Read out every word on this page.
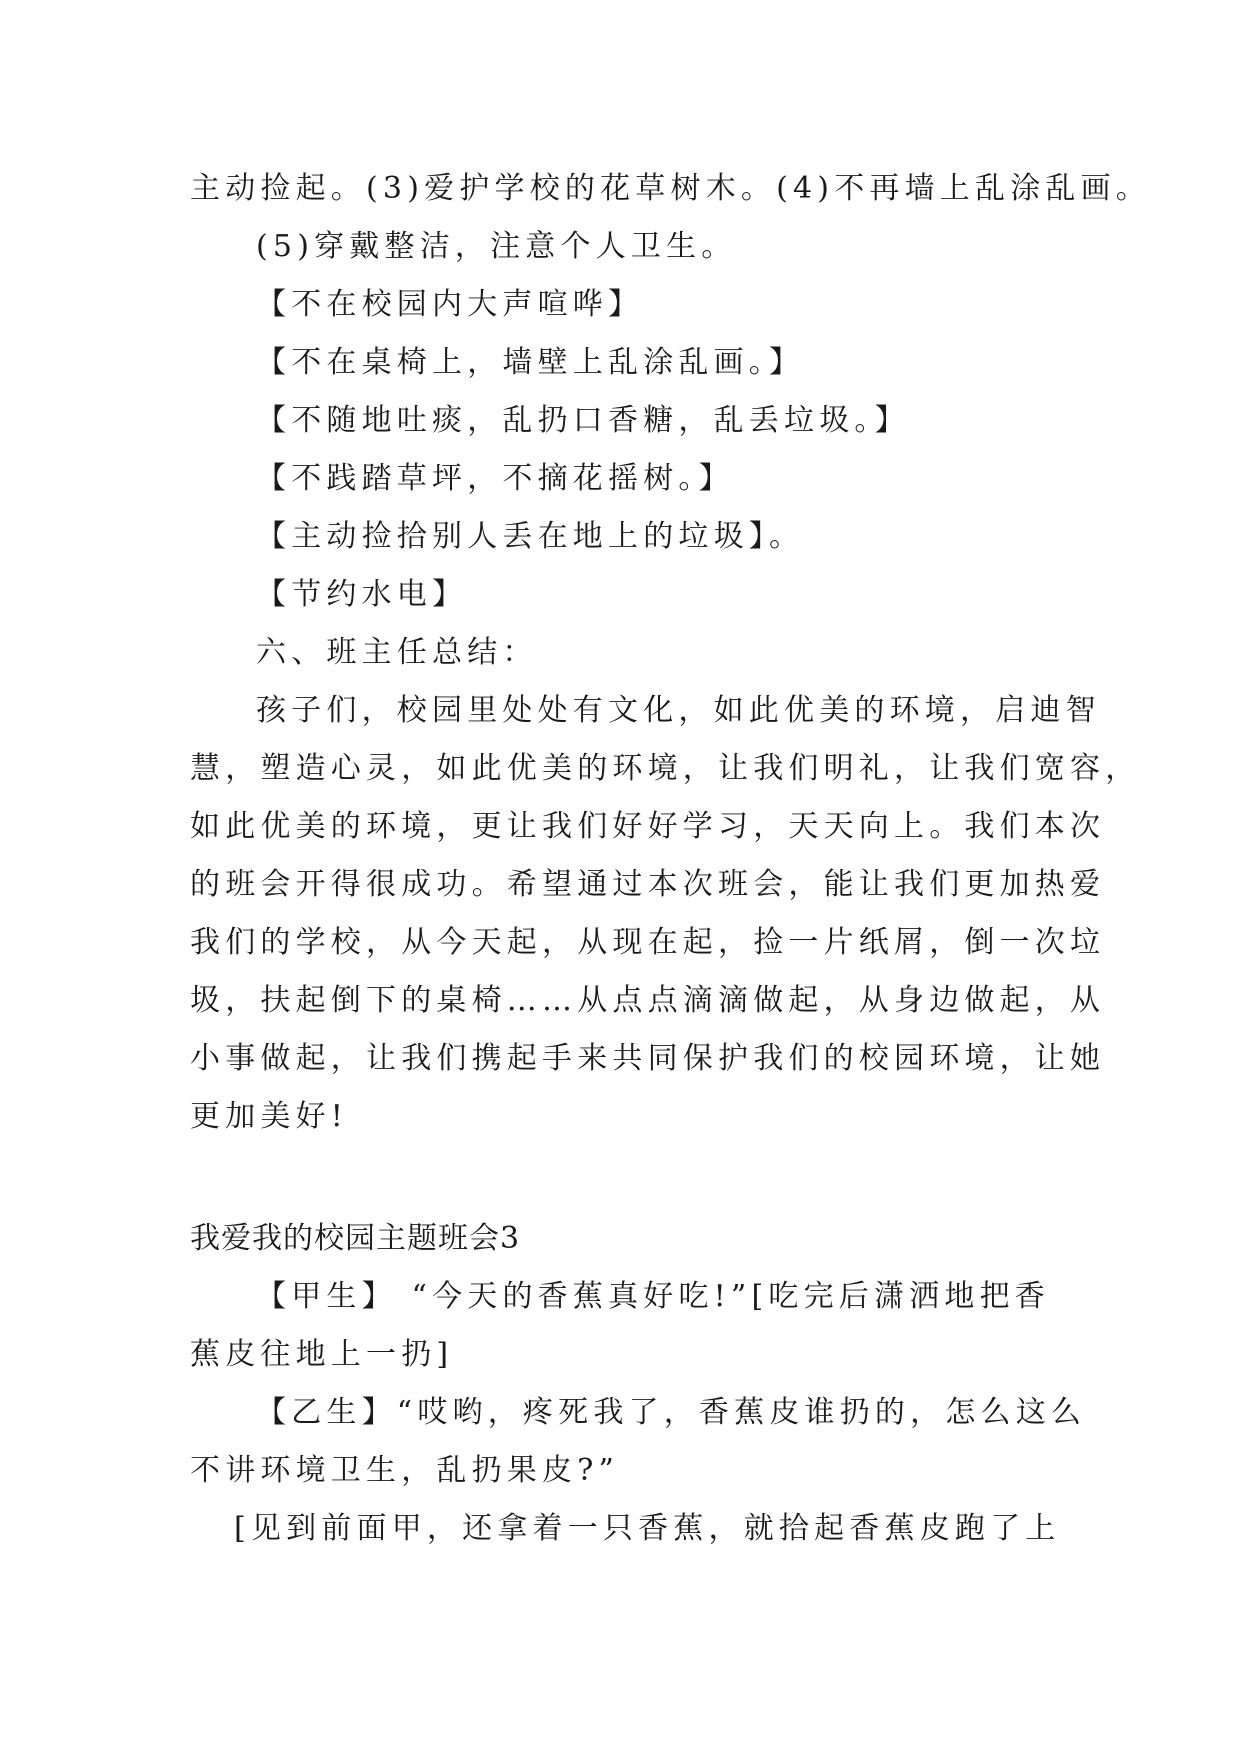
主动捡起。(3)爱护学校的花草树木。(4)不再墙上乱涂乱画。
(5)穿戴整洁，注意个人卫生。
【不在校园内大声喧哗】
【不在桌椅上，墙壁上乱涂乱画。】
【不随地吐痰，乱扔口香糖，乱丢垃圾。】
【不践踏草坪，不摘花摇树。】
【主动捡拾别人丢在地上的垃圾】。
【节约水电】
六、班主任总结：
孩子们，校园里处处有文化，如此优美的环境，启迪智
慧，塑造心灵，如此优美的环境，让我们明礼，让我们宽容，
如此优美的环境，更让我们好好学习，天天向上。我们本次
的班会开得很成功。希望通过本次班会，能让我们更加热爱
我们的学校，从今天起，从现在起，捡一片纸屑，倒一次垃
圾，扶起倒下的桌椅……从点点滴滴做起，从身边做起，从
小事做起，让我们携起手来共同保护我们的校园环境，让她
更加美好!
我爱我的校园主题班会3
【甲生】 “今天的香蕉真好吃!”[吃完后潇洒地把香
蕉皮往地上一扔]
【乙生】“哎哟，疼死我了，香蕉皮谁扔的，怎么这么
不讲环境卫生，乱扔果皮?”
[见到前面甲，还拿着一只香蕉，就拾起香蕉皮跑了上
